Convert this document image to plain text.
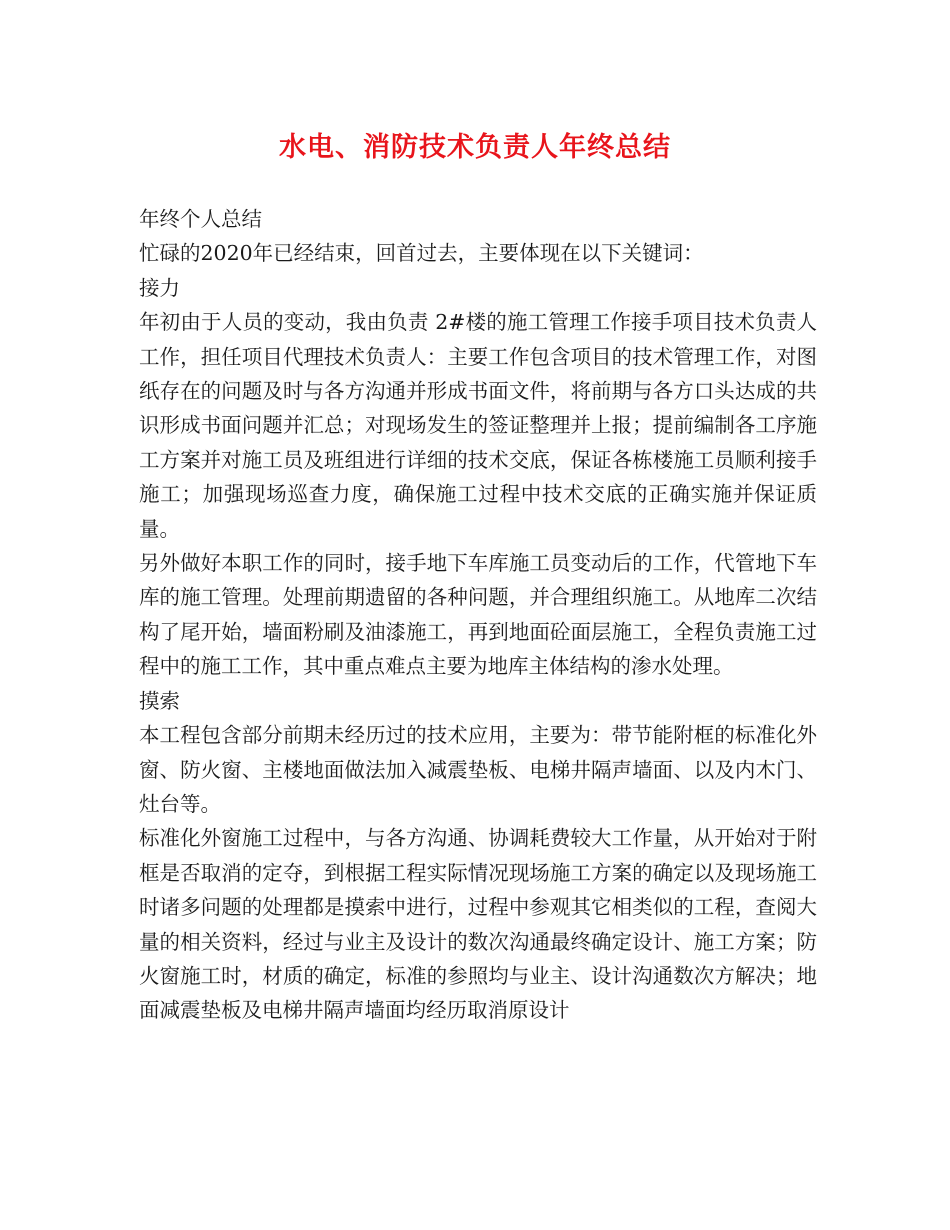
水电、消防技术负责人年终总结

年终个人总结

忙碌的2020年已经结束，回首过去，主要体现在以下关键词：

接力

年初由于人员的变动，我由负责 2#楼的施工管理工作接手项目技术负责人工作，担任项目代理技术负责人：主要工作包含项目的技术管理工作，对图纸存在的问题及时与各方沟通并形成书面文件，将前期与各方口头达成的共识形成书面问题并汇总；对现场发生的签证整理并上报；提前编制各工序施工方案并对施工员及班组进行详细的技术交底，保证各栋楼施工员顺利接手施工；加强现场巡查力度，确保施工过程中技术交底的正确实施并保证质量。

另外做好本职工作的同时，接手地下车库施工员变动后的工作，代管地下车库的施工管理。处理前期遗留的各种问题，并合理组织施工。从地库二次结构了尾开始，墙面粉刷及油漆施工，再到地面砼面层施工，全程负责施工过程中的施工工作，其中重点难点主要为地库主体结构的渗水处理。

摸索

本工程包含部分前期未经历过的技术应用，主要为：带节能附框的标准化外窗、防火窗、主楼地面做法加入减震垫板、电梯井隔声墙面、以及内木门、灶台等。

标准化外窗施工过程中，与各方沟通、协调耗费较大工作量，从开始对于附框是否取消的定夺，到根据工程实际情况现场施工方案的确定以及现场施工时诸多问题的处理都是摸索中进行，过程中参观其它相类似的工程，查阅大量的相关资料，经过与业主及设计的数次沟通最终确定设计、施工方案；防火窗施工时，材质的确定，标准的参照均与业主、设计沟通数次方解决；地面减震垫板及电梯井隔声墙面均经历取消原设计
